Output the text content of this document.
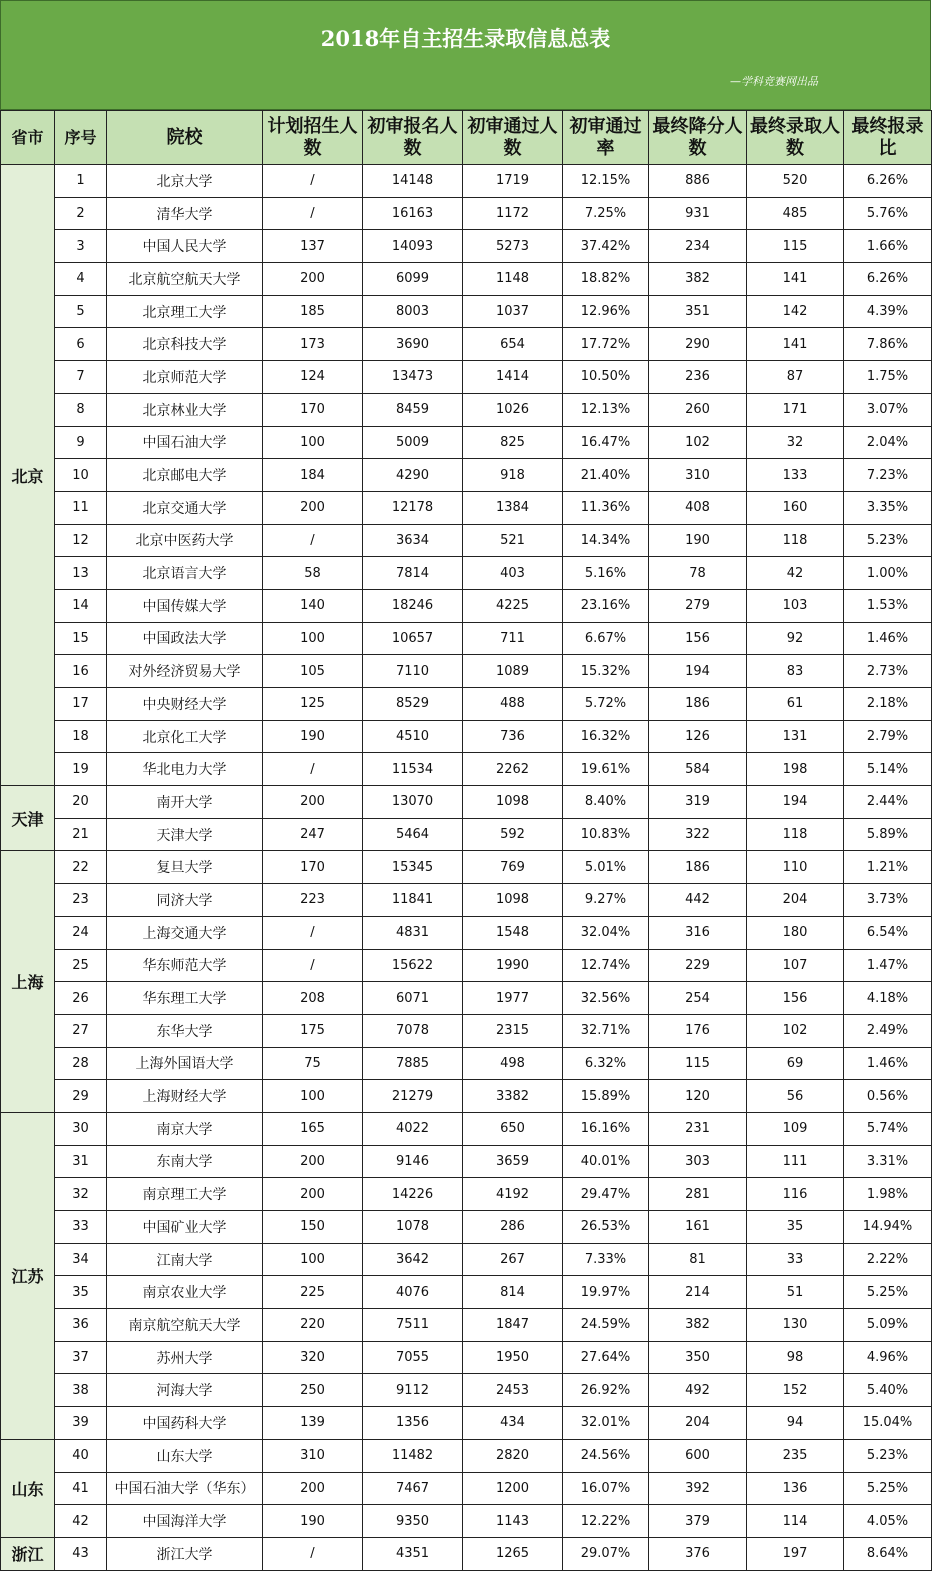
2018年自主招生录取信息总表
—学科竞赛网出品
省市	序号	院校	计划招生人数	初审报名人数	初审通过人数	初审通过率	最终降分人数	最终录取人数	最终报录比
北京	1	北京大学	/	14148	1719	12.15%	886	520	6.26%
	2	清华大学	/	16163	1172	7.25%	931	485	5.76%
	3	中国人民大学	137	14093	5273	37.42%	234	115	1.66%
	4	北京航空航天大学	200	6099	1148	18.82%	382	141	6.26%
	5	北京理工大学	185	8003	1037	12.96%	351	142	4.39%
	6	北京科技大学	173	3690	654	17.72%	290	141	7.86%
	7	北京师范大学	124	13473	1414	10.50%	236	87	1.75%
	8	北京林业大学	170	8459	1026	12.13%	260	171	3.07%
	9	中国石油大学	100	5009	825	16.47%	102	32	2.04%
	10	北京邮电大学	184	4290	918	21.40%	310	133	7.23%
	11	北京交通大学	200	12178	1384	11.36%	408	160	3.35%
	12	北京中医药大学	/	3634	521	14.34%	190	118	5.23%
	13	北京语言大学	58	7814	403	5.16%	78	42	1.00%
	14	中国传媒大学	140	18246	4225	23.16%	279	103	1.53%
	15	中国政法大学	100	10657	711	6.67%	156	92	1.46%
	16	对外经济贸易大学	105	7110	1089	15.32%	194	83	2.73%
	17	中央财经大学	125	8529	488	5.72%	186	61	2.18%
	18	北京化工大学	190	4510	736	16.32%	126	131	2.79%
	19	华北电力大学	/	11534	2262	19.61%	584	198	5.14%
天津	20	南开大学	200	13070	1098	8.40%	319	194	2.44%
	21	天津大学	247	5464	592	10.83%	322	118	5.89%
上海	22	复旦大学	170	15345	769	5.01%	186	110	1.21%
	23	同济大学	223	11841	1098	9.27%	442	204	3.73%
	24	上海交通大学	/	4831	1548	32.04%	316	180	6.54%
	25	华东师范大学	/	15622	1990	12.74%	229	107	1.47%
	26	华东理工大学	208	6071	1977	32.56%	254	156	4.18%
	27	东华大学	175	7078	2315	32.71%	176	102	2.49%
	28	上海外国语大学	75	7885	498	6.32%	115	69	1.46%
	29	上海财经大学	100	21279	3382	15.89%	120	56	0.56%
江苏	30	南京大学	165	4022	650	16.16%	231	109	5.74%
	31	东南大学	200	9146	3659	40.01%	303	111	3.31%
	32	南京理工大学	200	14226	4192	29.47%	281	116	1.98%
	33	中国矿业大学	150	1078	286	26.53%	161	35	14.94%
	34	江南大学	100	3642	267	7.33%	81	33	2.22%
	35	南京农业大学	225	4076	814	19.97%	214	51	5.25%
	36	南京航空航天大学	220	7511	1847	24.59%	382	130	5.09%
	37	苏州大学	320	7055	1950	27.64%	350	98	4.96%
	38	河海大学	250	9112	2453	26.92%	492	152	5.40%
	39	中国药科大学	139	1356	434	32.01%	204	94	15.04%
山东	40	山东大学	310	11482	2820	24.56%	600	235	5.23%
	41	中国石油大学（华东）	200	7467	1200	16.07%	392	136	5.25%
	42	中国海洋大学	190	9350	1143	12.22%	379	114	4.05%
浙江	43	浙江大学	/	4351	1265	29.07%	376	197	8.64%
